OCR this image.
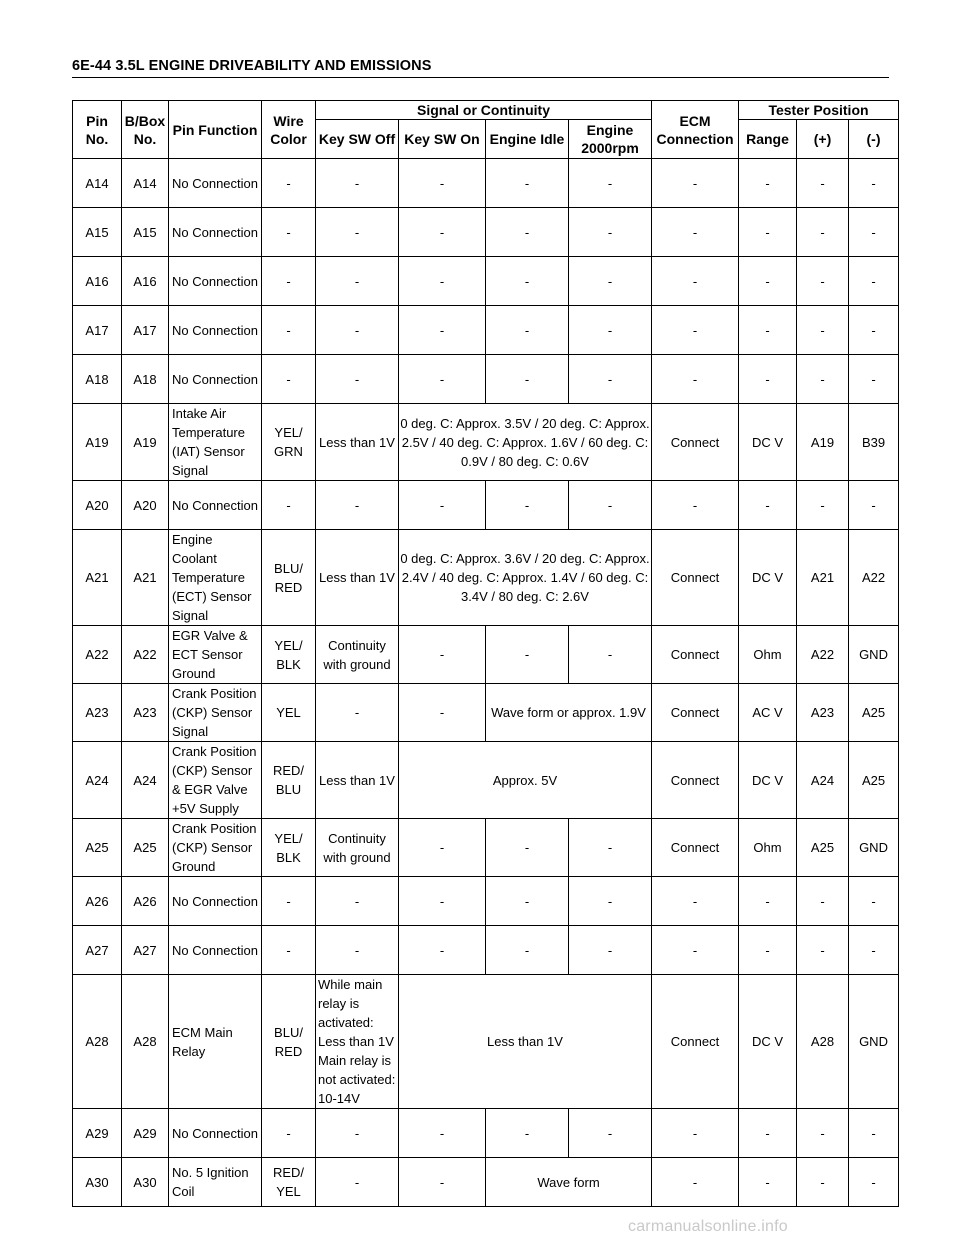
6E-44 3.5L ENGINE DRIVEABILITY AND EMISSIONS
Pin No.	B/Box No.	Pin Function	Wire Color	Signal or Continuity				ECM Connection	Tester Position		
				Key SW Off	Key SW On	Engine Idle	Engine 2000rpm		Range	(+)	(-)
A14	A14	No Connection	-	-	-	-	-	-	-	-	-
A15	A15	No Connection	-	-	-	-	-	-	-	-	-
A16	A16	No Connection	-	-	-	-	-	-	-	-	-
A17	A17	No Connection	-	-	-	-	-	-	-	-	-
A18	A18	No Connection	-	-	-	-	-	-	-	-	-
A19	A19	Intake Air Temperature (IAT) Sensor Signal	YEL/ GRN	Less than 1V	0 deg. C: Approx. 3.5V / 20 deg. C: Approx. 2.5V / 40 deg. C: Approx. 1.6V / 60 deg. C: 0.9V / 80 deg. C: 0.6V			Connect	DC V	A19	B39
A20	A20	No Connection	-	-	-	-	-	-	-	-	-
A21	A21	Engine Coolant Temperature (ECT) Sensor Signal	BLU/ RED	Less than 1V	0 deg. C: Approx. 3.6V / 20 deg. C: Approx. 2.4V / 40 deg. C: Approx. 1.4V / 60 deg. C: 3.4V / 80 deg. C: 2.6V			Connect	DC V	A21	A22
A22	A22	EGR Valve & ECT Sensor Ground	YEL/ BLK	Continuity with ground	-	-	-	Connect	Ohm	A22	GND
A23	A23	Crank Position (CKP) Sensor Signal	YEL	-	-	Wave form or approx. 1.9V		Connect	AC V	A23	A25
A24	A24	Crank Position (CKP) Sensor & EGR Valve +5V Supply	RED/ BLU	Less than 1V	Approx. 5V			Connect	DC V	A24	A25
A25	A25	Crank Position (CKP) Sensor Ground	YEL/ BLK	Continuity with ground	-	-	-	Connect	Ohm	A25	GND
A26	A26	No Connection	-	-	-	-	-	-	-	-	-
A27	A27	No Connection	-	-	-	-	-	-	-	-	-
A28	A28	ECM Main Relay	BLU/ RED	While main relay is activated: Less than 1V Main relay is not activated: 10-14V	Less than 1V			Connect	DC V	A28	GND
A29	A29	No Connection	-	-	-	-	-	-	-	-	-
A30	A30	No. 5 Ignition Coil	RED/ YEL	-	-	Wave form		-	-	-	-
carmanualsonline.info
